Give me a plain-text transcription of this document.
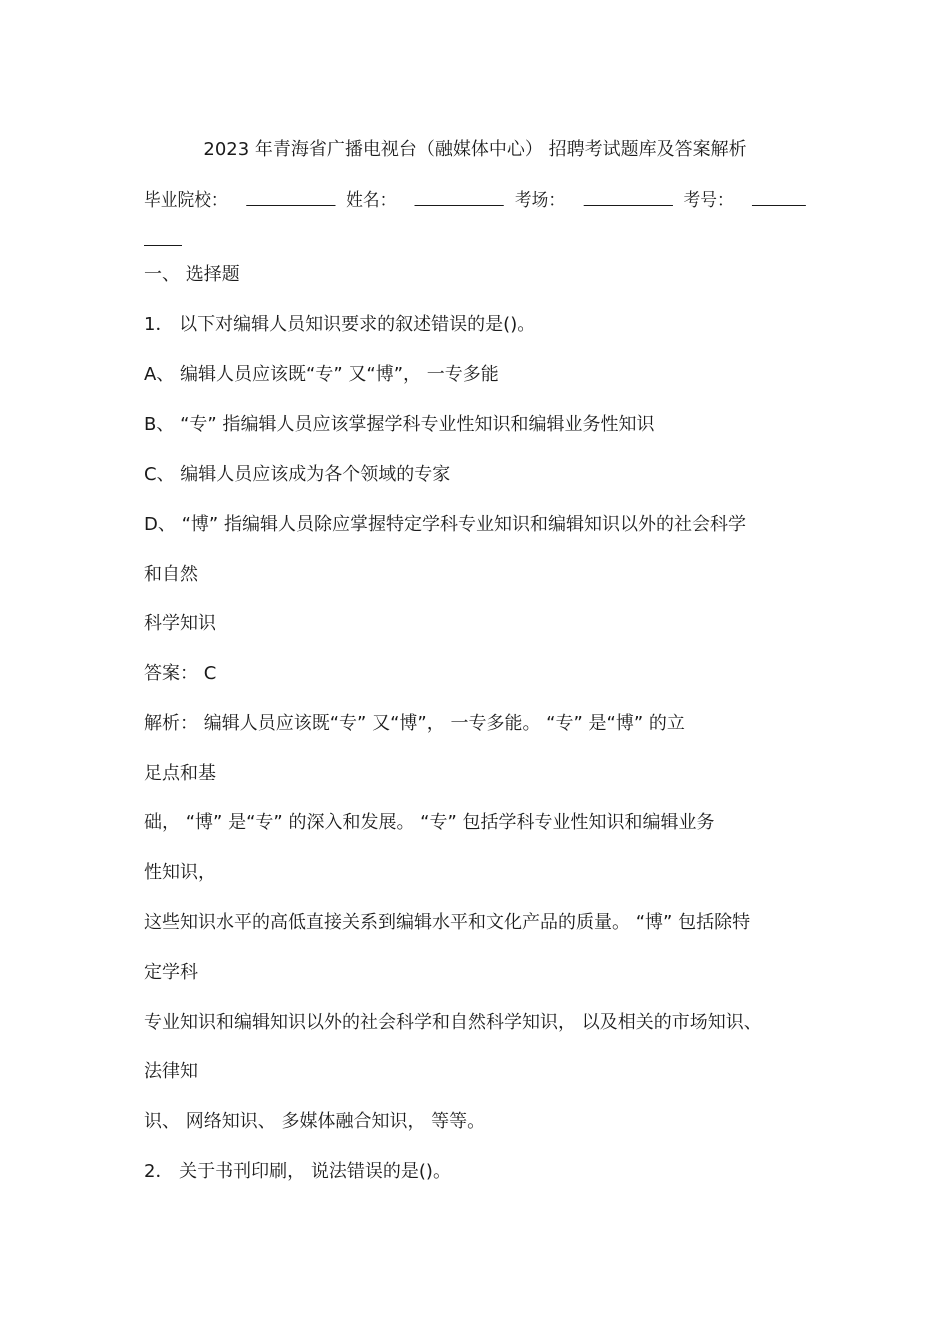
2023 年青海省广播电视台（融媒体中心） 招聘考试题库及答案解析
毕业院校：	姓名：	考场：	考号：
一、 选择题
1． 以下对编辑人员知识要求的叙述错误的是()。
A、 编辑人员应该既“专” 又“博”， 一专多能
B、 “专” 指编辑人员应该掌握学科专业性知识和编辑业务性知识
C、 编辑人员应该成为各个领域的专家
D、 “博” 指编辑人员除应掌握特定学科专业知识和编辑知识以外的社会科学
和自然
科学知识
答案： C
解析： 编辑人员应该既“专” 又“博”， 一专多能。 “专” 是“博” 的立
足点和基
础， “博” 是“专” 的深入和发展。 “专” 包括学科专业性知识和编辑业务
性知识，
这些知识水平的高低直接关系到编辑水平和文化产品的质量。 “博” 包括除特
定学科
专业知识和编辑知识以外的社会科学和自然科学知识， 以及相关的市场知识、
法律知
识、 网络知识、 多媒体融合知识， 等等。
2． 关于书刊印刷， 说法错误的是()。
